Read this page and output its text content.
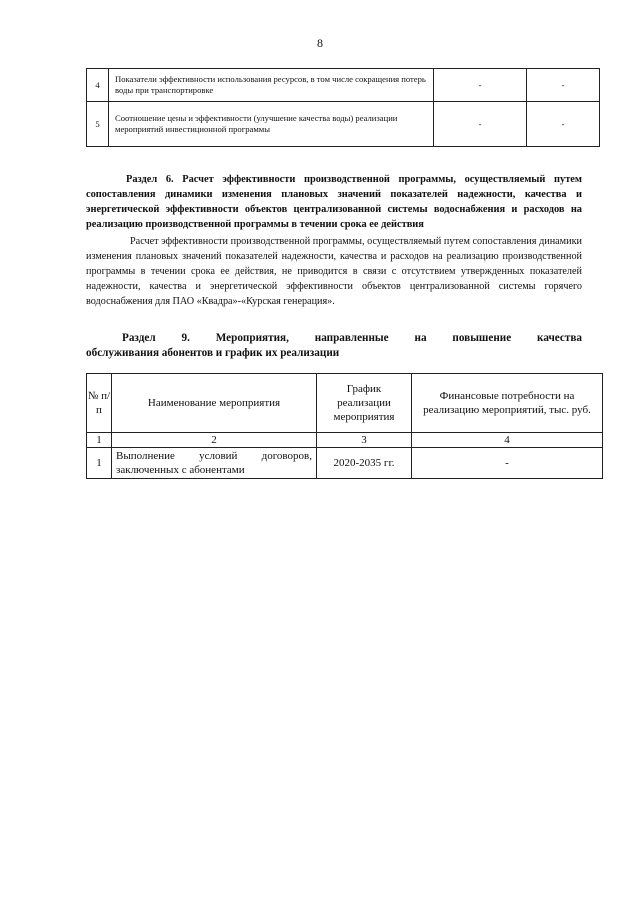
8
4	Показатели эффективности использования ресурсов, в том числе сокращения потерь воды при транспортировке	-	-
5	Соотношение цены и эффективности (улучшение качества воды) реализации мероприятий инвестиционной программы	-	-

Раздел 6. Расчет эффективности производственной программы, осуществляемый путем сопоставления динамики изменения плановых значений показателей надежности, качества и энергетической эффективности объектов централизованной системы водоснабжения и расходов на реализацию производственной программы в течении срока ее действия

Расчет эффективности производственной программы, осуществляемый путем сопоставления динамики изменения плановых значений показателей надежности, качества и расходов на реализацию производственной программы в течении срока ее действия, не приводится в связи с отсутствием утвержденных показателей надежности, качества и энергетической эффективности объектов централизованной системы горячего водоснабжения для ПАО «Квадра»-«Курская генерация».

Раздел 9. Мероприятия, направленные на повышение качества
обслуживания абонентов и график их реализации
№ п/п	Наименование мероприятия	График реализации мероприятия	Финансовые потребности на реализацию мероприятий, тыс. руб.
1	2	3	4
1	Выполнение условий договоров, заключенных с абонентами	2020-2035 гг.	-
